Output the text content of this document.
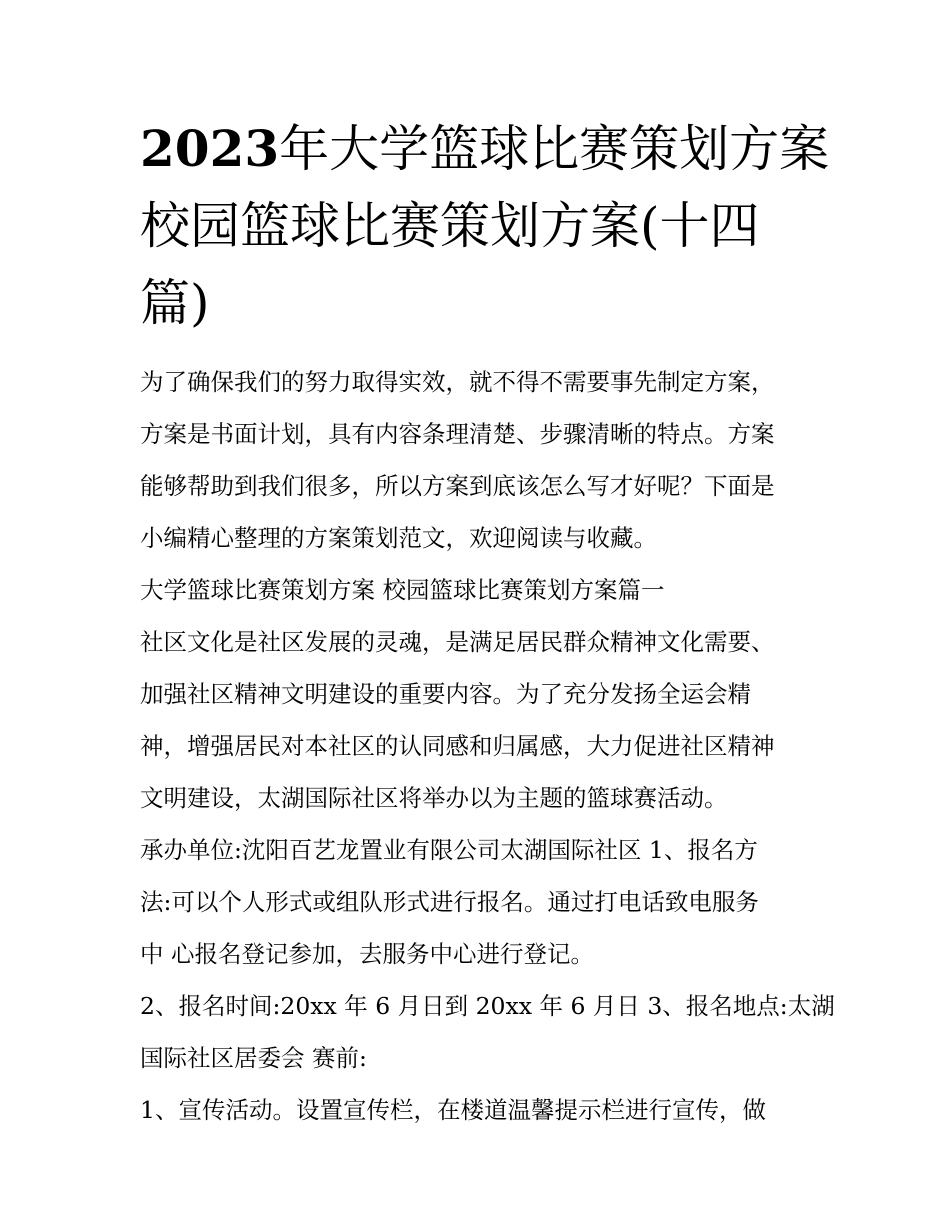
2023年大学篮球比赛策划方案
校园篮球比赛策划方案(十四
篇)
为了确保我们的努力取得实效，就不得不需要事先制定方案，
方案是书面计划，具有内容条理清楚、步骤清晰的特点。方案
能够帮助到我们很多，所以方案到底该怎么写才好呢？下面是
小编精心整理的方案策划范文，欢迎阅读与收藏。
大学篮球比赛策划方案 校园篮球比赛策划方案篇一
社区文化是社区发展的灵魂，是满足居民群众精神文化需要、
加强社区精神文明建设的重要内容。为了充分发扬全运会精
神，增强居民对本社区的认同感和归属感，大力促进社区精神
文明建设，太湖国际社区将举办以为主题的篮球赛活动。
承办单位:沈阳百艺龙置业有限公司太湖国际社区 1、报名方
法:可以个人形式或组队形式进行报名。通过打电话致电服务
中 心报名登记参加，去服务中心进行登记。
2、报名时间:20xx 年 6 月日到 20xx 年 6 月日 3、报名地点:太湖
国际社区居委会 赛前:
1、宣传活动。设置宣传栏，在楼道温馨提示栏进行宣传，做
